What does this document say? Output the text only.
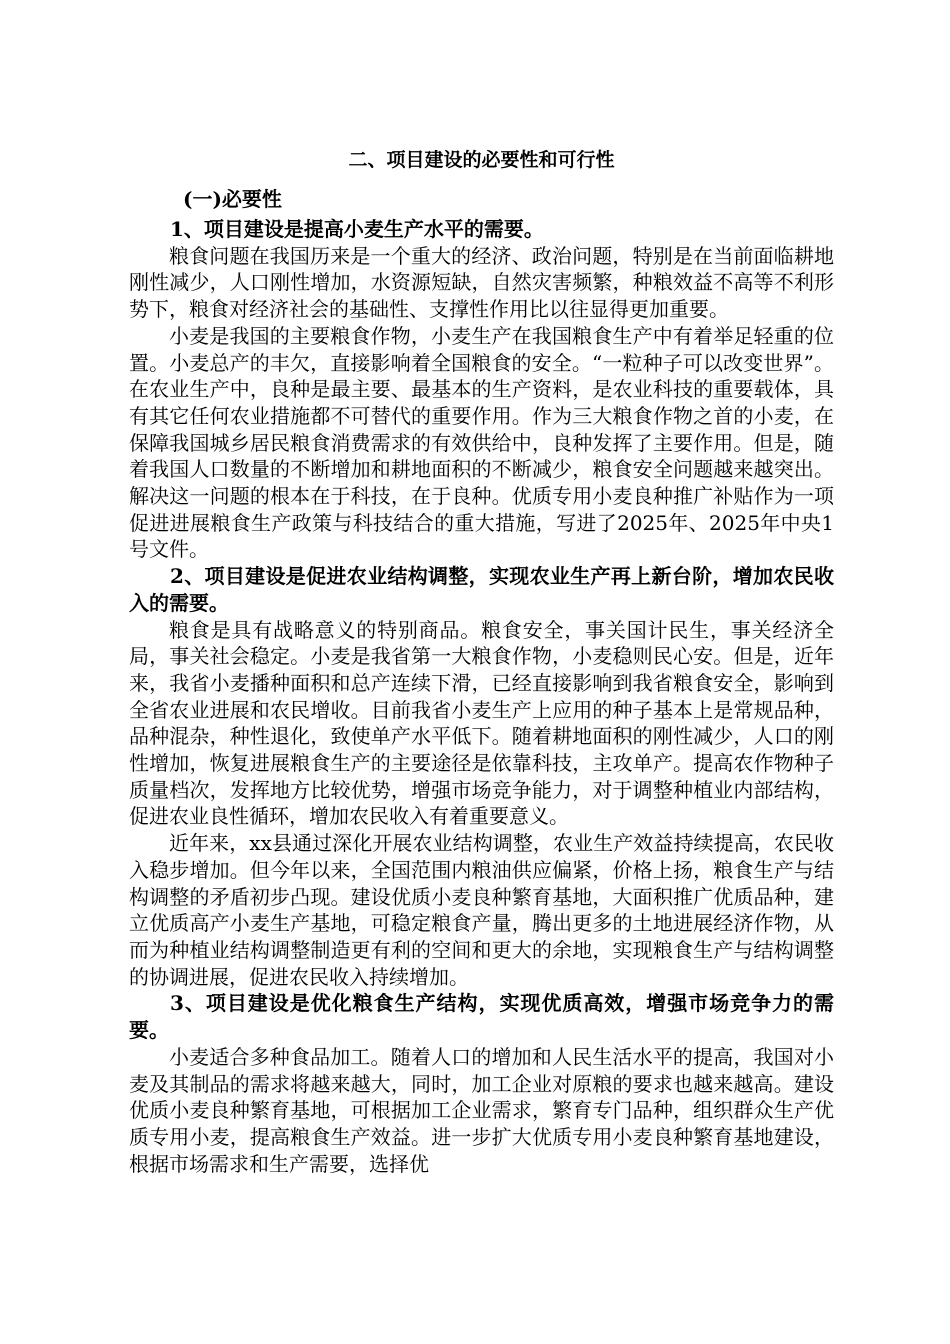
二、项目建设的必要性和可行性
(一)必要性
1、项目建设是提高小麦生产水平的需要。

粮食问题在我国历来是一个重大的经济、政治问题，特别是在当前面临耕地刚性减少，人口刚性增加，水资源短缺，自然灾害频繁，种粮效益不高等不利形势下，粮食对经济社会的基础性、支撑性作用比以往显得更加重要。

小麦是我国的主要粮食作物，小麦生产在我国粮食生产中有着举足轻重的位置。小麦总产的丰欠，直接影响着全国粮食的安全。“一粒种子可以改变世界”。在农业生产中，良种是最主要、最基本的生产资料，是农业科技的重要载体，具有其它任何农业措施都不可替代的重要作用。作为三大粮食作物之首的小麦，在保障我国城乡居民粮食消费需求的有效供给中，良种发挥了主要作用。但是，随着我国人口数量的不断增加和耕地面积的不断减少，粮食安全问题越来越突出。解决这一问题的根本在于科技，在于良种。优质专用小麦良种推广补贴作为一项促进进展粮食生产政策与科技结合的重大措施，写进了2025年、2025年中央1号文件。

2、项目建设是促进农业结构调整，实现农业生产再上新台阶，增加农民收入的需要。

粮食是具有战略意义的特别商品。粮食安全，事关国计民生，事关经济全局，事关社会稳定。小麦是我省第一大粮食作物，小麦稳则民心安。但是，近年来，我省小麦播种面积和总产连续下滑，已经直接影响到我省粮食安全，影响到全省农业进展和农民增收。目前我省小麦生产上应用的种子基本上是常规品种，品种混杂，种性退化，致使单产水平低下。随着耕地面积的刚性减少，人口的刚性增加，恢复进展粮食生产的主要途径是依靠科技，主攻单产。提高农作物种子质量档次，发挥地方比较优势，增强市场竞争能力，对于调整种植业内部结构，促进农业良性循环，增加农民收入有着重要意义。

近年来，xx县通过深化开展农业结构调整，农业生产效益持续提高，农民收入稳步增加。但今年以来，全国范围内粮油供应偏紧，价格上扬，粮食生产与结构调整的矛盾初步凸现。建设优质小麦良种繁育基地，大面积推广优质品种，建立优质高产小麦生产基地，可稳定粮食产量，腾出更多的土地进展经济作物，从而为种植业结构调整制造更有利的空间和更大的余地，实现粮食生产与结构调整的协调进展，促进农民收入持续增加。

3、项目建设是优化粮食生产结构，实现优质高效，增强市场竞争力的需要。

小麦适合多种食品加工。随着人口的增加和人民生活水平的提高，我国对小麦及其制品的需求将越来越大，同时，加工企业对原粮的要求也越来越高。建设优质小麦良种繁育基地，可根据加工企业需求，繁育专门品种，组织群众生产优质专用小麦，提高粮食生产效益。进一步扩大优质专用小麦良种繁育基地建设，根据市场需求和生产需要，选择优
